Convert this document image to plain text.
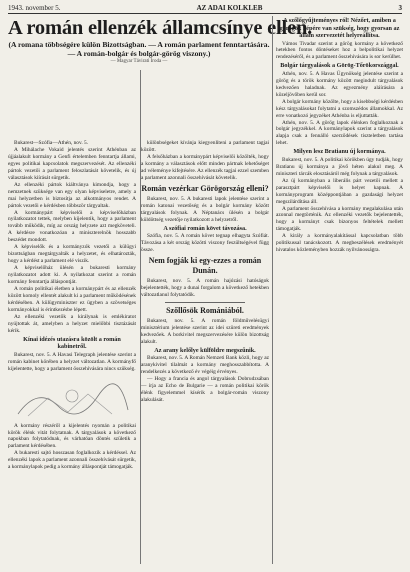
1943. november 5.	AZ ADAI KOLKLEB	3
A román ellenzék államcsínye ellen.
(A romana többségére külön Bizottságban. — A román parlament fenntartására.
— A román-bolgár és bolgár-görög viszony.)
— Magyar Távirati Iroda —

Bukarest—Szófia—Athén, nov. 5.

A Mihálache Vokaid jelentés szerint Athénban az újjáalakult kormány a Genfi értelemben fenntartja állami, egyes politikai kapcsolatok megszervezését. Az ellenzéki pártok vezetői a parlament feloszlatását követelik, és új választások kiírását sürgetik.

Az ellenzéki pártok kiáltványa kimondja, hogy a nemzetnek szüksége van egy olyan képviseletre, amely a mai helyzetben is biztosítja az alkotmányos rendet. A pártok vezetői e kérdésben többször tárgyaltak.

A kormánypárt képviselői a képviselőházban nyilatkozatot tettek, melyben kijelentik, hogy a parlament tovább működik, míg az ország helyzete azt megköveteli. A kérdésre vonatkozóan a miniszterelnök hosszabb beszédet mondott.

A képviselők és a kormányzók vezetői a külügyi bizottságban megtárgyalták a helyzetet, és elhatározták, hogy a kérdést a parlament elé viszik.

A képviselőház ülésén a bukaresti kormány nyilatkozatot adott ki. A nyilatkozat szerint a román kormány fenntartja álláspontját.

A román politikai életben a kormánypárt és az ellenzék között komoly ellentét alakult ki a parlament működésének kérdésében. A külügyminiszter ez ügyben a szövetséges kormányokkal is érintkezésbe lépett.

Az ellenzéki vezetők a királynak is emlékiratot nyújtottak át, amelyben a helyzet mielőbbi tisztázását kérik.

Kínai idézés utazásra közölt a román kabinetről.

Bukarest, nov. 5. A Havasi Telegraph jelentése szerint a román kabinet körében a helyzet változatlan. A kormányfő kijelentette, hogy a parlament összehívására nincs szükség.

A kormány részéről a kijelentés nyomán a politikai körök élénk vitát folytatnak. A tárgyalások a következő napokban folytatódnak, és várhatóan döntés születik a parlament kérdésében.

A bukaresti sajtó hosszasan foglalkozik a kérdéssel. Az ellenzéki lapok a parlament azonnali összehívását sürgetik, a kormánylapok pedig a kormány álláspontját támogatják.

különbségeket kívánja kiegyenlíteni a parlament tagjai között.

A felsőházban a kormánypárt képviselői közölték, hogy a kormány a választások előtt minden pártnak lehetőséget ad véleménye kifejtésére. Az ellenzék tagjai ezzel szemben a parlament azonnali összehívását követelik.

Román vezérkar Görögország elleni?

Bukarest, nov. 5. A bukaresti lapok jelentése szerint a román katonai vezetőség és a bolgár kormány között tárgyalások folynak. A Néptanács ülésén a bolgár küldöttség vezetője nyilatkozott a helyzetről.

A szófiai román követ távozása.

Szófia, nov. 5. A román követ tegnap elhagyta Szófiát. Távozása a két ország közötti viszony feszültségével függ össze.

Nem fogják ki egy-ezzes a román Dunán.

Bukarest, nov. 5. A román hajózási hatóságok bejelentették, hogy a dunai forgalom a következő hetekben változatlanul folytatódik.

Szőllősök Romániából.

Bukarest, nov. 5. A román földművelésügyi minisztérium jelentése szerint az idei szüreti eredmények kedvezőek. A borkivitel megszervezésére külön bizottság alakult.

Az arany kelőlye külföldre megszűnik.

Bukarest, nov. 5. A Román Nemzeti Bank közli, hogy az aranykivitel tilalmát a kormány meghosszabbította. A rendelkezés a következő év végéig érvényes.

— Hogy a francia és angol tárgyalások Dobrudzsában — írja az Echo de Bulgarie — a román politikai körök élénk figyelemmel kísérik a bolgár-román viszony alakulását.

A szőlőgyűjteményes ról! Nézőrt, amiben a görögök népére van szükség, hogy gyorsan az állam szervezetét helyreállítsa.

Vámos Tivadar szerint a görög kormány a következő hetekben fontos döntéseket hoz a belpolitikai helyzet rendezéséről, és a parlament összehívására is sor kerülhet.

Bolgár tárgyalások a Görög-Tőrökországgal.

Athén, nov. 5. A Havas Ügynökség jelentése szerint a görög és a török kormány között megindult tárgyalások kedvezően haladnak. Az egyezmény aláírására a közeljövőben kerül sor.

A bolgár kormány közölte, hogy a kisebbségi kérdésben kész tárgyalásokat folytatni a szomszédos államokkal. Az erre vonatkozó jegyzéket Athénba is eljuttatták.

Athén, nov. 5. A görög lapok élénken foglalkoznak a bolgár jegyzékkel. A kormánylapok szerint a tárgyalások alapja csak a fennálló szerződések tiszteletben tartása lehet.

Milyen lesz Bratianu új kormánya.

Bukarest, nov. 5. A politikai körökben úgy tudják, hogy Bratianu új kormánya a jövő héten alakul meg. A miniszteri tárcák elosztásáról még folynak a tárgyalások.

Az új kormányban a liberális párt vezetői mellett a parasztpárt képviselői is helyet kapnak. A kormányprogram középpontjában a gazdasági helyzet megszilárdítása áll.

A parlament összehívása a kormány megalakulása után azonnal megtörténik. Az ellenzéki vezetők bejelentették, hogy a kormányt csak bizonyos feltételek mellett támogatják.

A király a kormányalakítással kapcsolatban több politikussal tanácskozott. A megbeszélések eredményét hivatalos közleményben hozzák nyilvánosságra.
